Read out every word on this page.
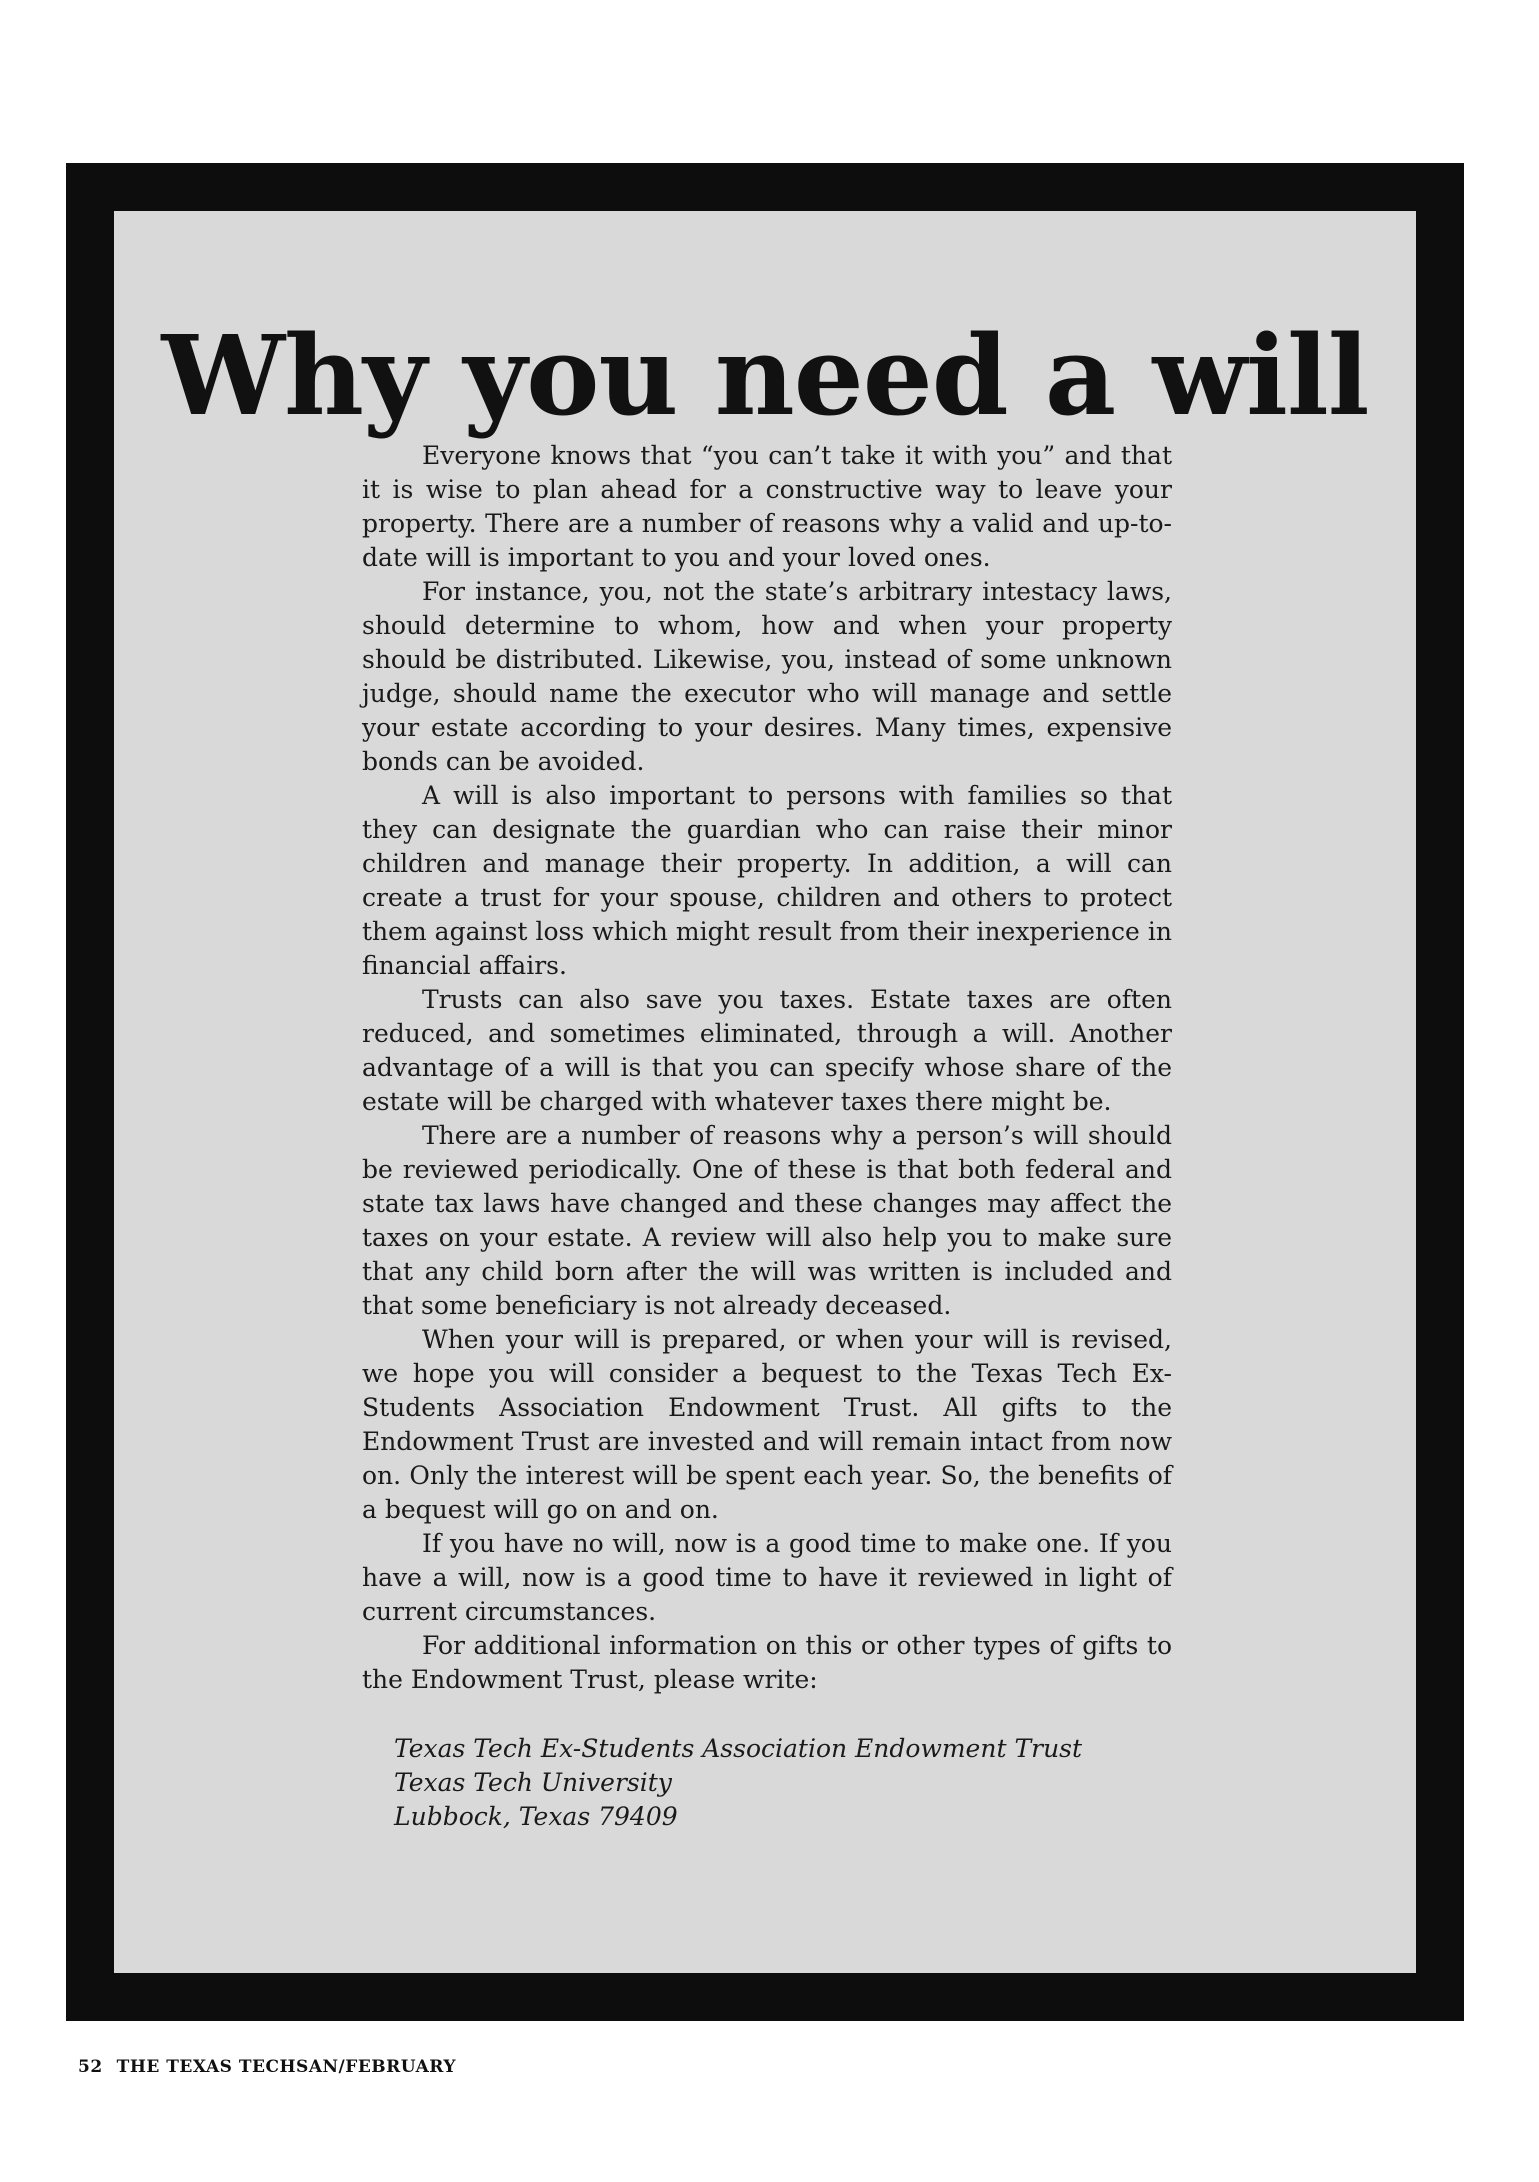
Why you need a will

Everyone knows that “you can’t take it with you” and that it is wise to plan ahead for a constructive way to leave your property. There are a number of reasons why a valid and up-to-date will is important to you and your loved ones.

For instance, you, not the state’s arbitrary intestacy laws, should determine to whom, how and when your property should be distributed. Likewise, you, instead of some unknown judge, should name the executor who will manage and settle your estate according to your desires. Many times, expensive bonds can be avoided.

A will is also important to persons with families so that they can designate the guardian who can raise their minor children and manage their property. In addition, a will can create a trust for your spouse, children and others to protect them against loss which might result from their inexperience in financial affairs.

Trusts can also save you taxes. Estate taxes are often reduced, and sometimes eliminated, through a will. Another advantage of a will is that you can specify whose share of the estate will be charged with whatever taxes there might be.

There are a number of reasons why a person’s will should be reviewed periodically. One of these is that both federal and state tax laws have changed and these changes may affect the taxes on your estate. A review will also help you to make sure that any child born after the will was written is included and that some beneficiary is not already deceased.

When your will is prepared, or when your will is revised, we hope you will consider a bequest to the Texas Tech Ex-Students Association Endowment Trust. All gifts to the Endowment Trust are invested and will remain intact from now on. Only the interest will be spent each year. So, the benefits of a bequest will go on and on.

If you have no will, now is a good time to make one. If you have a will, now is a good time to have it reviewed in light of current circumstances.

For additional information on this or other types of gifts to the Endowment Trust, please write:

Texas Tech Ex-Students Association Endowment Trust
Texas Tech University
Lubbock, Texas 79409
52 THE TEXAS TECHSAN/FEBRUARY
